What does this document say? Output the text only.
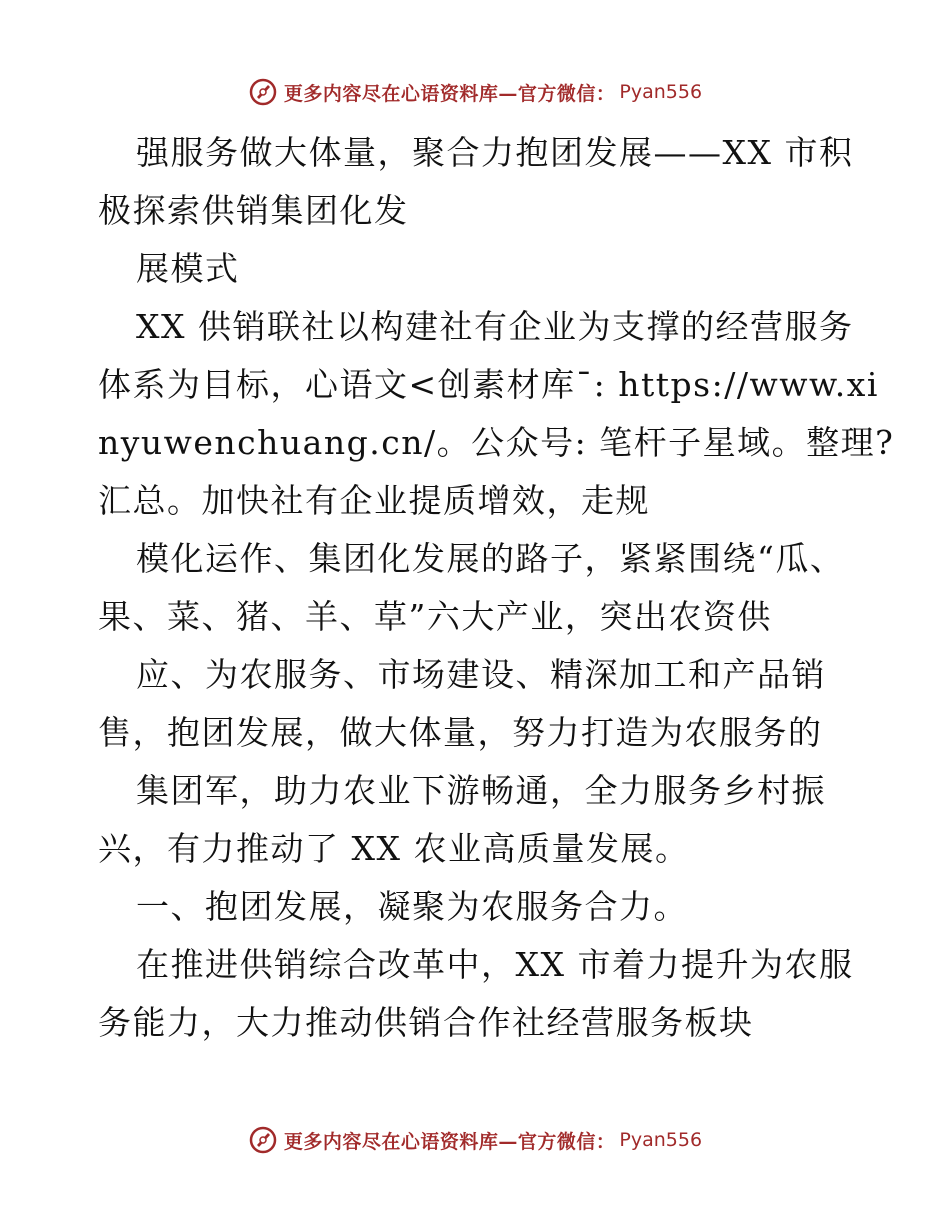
更多内容尽在心语资料库—官方微信： Pyan556
强服务做大体量，聚合力抱团发展——XX 市积
极探索供销集团化发
展模式
XX 供销联社以构建社有企业为支撑的经营服务
体系为目标，心语文<创素材库¯: https://www.xi
nyuwenchuang.cn/。公众号: 笔杆子星域。整理?
汇总。加快社有企业提质增效，走规
模化运作、集团化发展的路子，紧紧围绕“瓜、
果、菜、猪、羊、草”六大产业，突出农资供
应、为农服务、市场建设、精深加工和产品销
售，抱团发展，做大体量，努力打造为农服务的
集团军，助力农业下游畅通，全力服务乡村振
兴，有力推动了 XX 农业高质量发展。
一、抱团发展，凝聚为农服务合力。
在推进供销综合改革中，XX 市着力提升为农服
务能力，大力推动供销合作社经营服务板块
更多内容尽在心语资料库—官方微信： Pyan556
